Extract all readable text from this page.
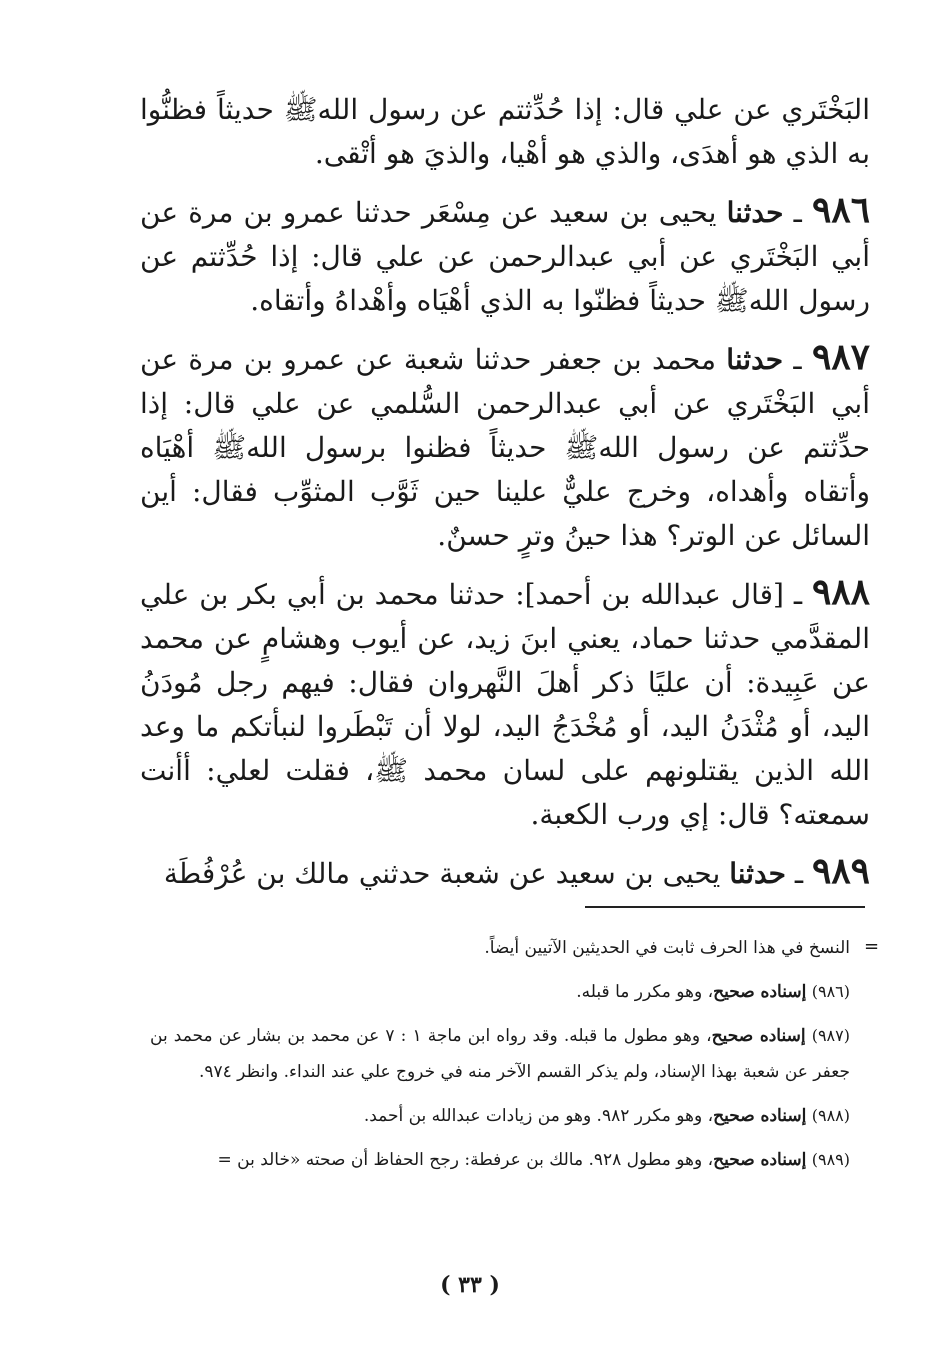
البَخْتَري عن علي قال: إذا حُدِّثتم عن رسول اللهﷺ حديثاً فظنُّوا به الذي هو أهدَى، والذي هو أهْيا، والذيَ هو أتْقى.

٩٨٦ ـ حدثنا يحيى بن سعيد عن مِسْعَر حدثنا عمرو بن مرة عن أبي البَخْتَري عن أبي عبدالرحمن عن علي قال: إذا حُدِّثتم عن رسول اللهﷺ حديثاً فظنّوا به الذي أهْيَاه وأهْداهُ وأتقاه.

٩٨٧ ـ حدثنا محمد بن جعفر حدثنا شعبة عن عمرو بن مرة عن أبي البَخْتَري عن أبي عبدالرحمن السُّلمي عن علي قال: إذا حدِّثتم عن رسول اللهﷺ حديثاً فظنوا برسول اللهﷺ أهْيَاه وأتقاه وأهداه، وخرج عليٌّ علينا حين ثَوَّب المثوِّب فقال: أين السائل عن الوتر؟ هذا حينُ وترٍ حسنٌ.

٩٨٨ ـ [قال عبدالله بن أحمد]: حدثنا محمد بن أبي بكر بن علي المقدَّمي حدثنا حماد، يعني ابنَ زيد، عن أيوب وهشامٍ عن محمد عن عَبِيدة: أن عليًا ذكر أهلَ النَّهروان فقال: فيهم رجل مُودَنُ اليد، أو مُثْدَنُ اليد، أو مُخْدَجُ اليد، لولا أن تَبْطَروا لنبأتكم ما وعد الله الذين يقتلونهم على لسان محمد ﷺ، فقلت لعلي: أأنت سمعته؟ قال: إي ورب الكعبة.

٩٨٩ ـ حدثنا يحيى بن سعيد عن شعبة حدثني مالك بن عُرْفُطَة

=

النسخ في هذا الحرف ثابت في الحديثين الآتيين أيضاً.

(٩٨٦) إسناده صحيح، وهو مكرر ما قبله.

(٩٨٧) إسناده صحيح، وهو مطول ما قبله. وقد رواه ابن ماجة ١ : ٧ عن محمد بن بشار عن محمد بن جعفر عن شعبة بهذا الإسناد، ولم يذكر القسم الآخر منه في خروج علي عند النداء. وانظر ٩٧٤.

(٩٨٨) إسناده صحيح، وهو مكرر ٩٨٢. وهو من زيادات عبدالله بن أحمد.

(٩٨٩) إسناده صحيح، وهو مطول ٩٢٨. مالك بن عرفطة: رجح الحفاظ أن صحته «خالد بن =

( ٣٣ )
